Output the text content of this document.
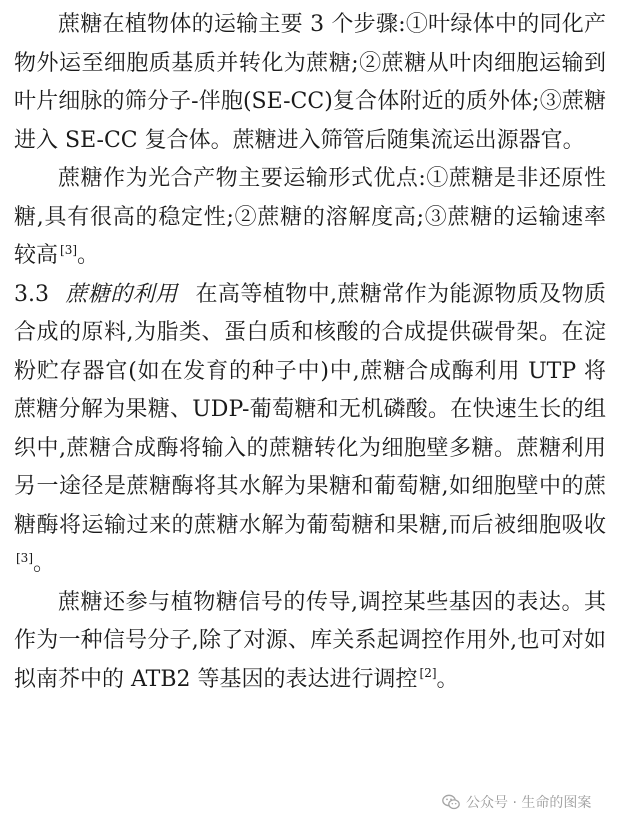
蔗糖在植物体的运输主要 3 个步骤:①叶绿体中的同化产物外运至细胞质基质并转化为蔗糖;②蔗糖从叶肉细胞运输到叶片细脉的筛分子-伴胞(SE-CC)复合体附近的质外体;③蔗糖进入 SE-CC 复合体。蔗糖进入筛管后随集流运出源器官。

蔗糖作为光合产物主要运输形式优点:①蔗糖是非还原性糖,具有很高的稳定性;②蔗糖的溶解度高;③蔗糖的运输速率较高 [3]。

3.3 蔗糖的利用 在高等植物中,蔗糖常作为能源物质及物质合成的原料,为脂类、蛋白质和核酸的合成提供碳骨架。在淀粉贮存器官(如在发育的种子中)中,蔗糖合成酶利用 UTP 将蔗糖分解为果糖、UDP-葡萄糖和无机磷酸。在快速生长的组织中,蔗糖合成酶将输入的蔗糖转化为细胞壁多糖。蔗糖利用另一途径是蔗糖酶将其水解为果糖和葡萄糖,如细胞壁中的蔗糖酶将运输过来的蔗糖水解为葡萄糖和果糖,而后被细胞吸收[3]。

蔗糖还参与植物糖信号的传导,调控某些基因的表达。其作为一种信号分子,除了对源、库关系起调控作用外,也可对如拟南芥中的 ATB2 等基因的表达进行调控 [2]。

公众号 · 生命的图案
